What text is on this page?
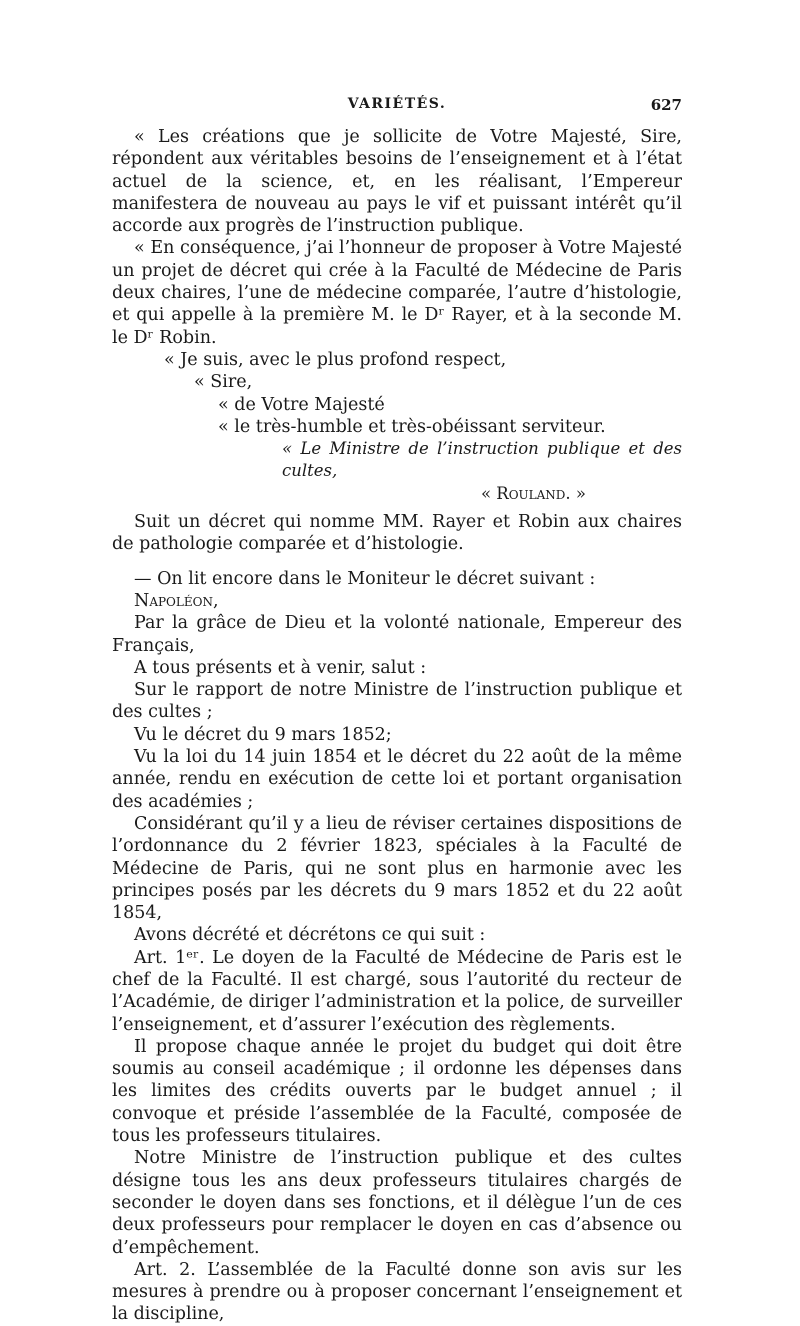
VARIÉTÉS.	627

« Les créations que je sollicite de Votre Majesté, Sire, répondent aux véritables besoins de l’enseignement et à l’état actuel de la science, et, en les réalisant, l’Empereur manifestera de nouveau au pays le vif et puissant intérêt qu’il accorde aux progrès de l’instruction publique.

« En conséquence, j’ai l’honneur de proposer à Votre Majesté un projet de décret qui crée à la Faculté de Médecine de Paris deux chaires, l’une de médecine comparée, l’autre d’histologie, et qui appelle à la première M. le Dʳ Rayer, et à la seconde M. le Dʳ Robin.

« Je suis, avec le plus profond respect,

« Sire,

« de Votre Majesté

« le très-humble et très-obéissant serviteur.

« Le Ministre de l’instruction publique et des cultes,

« Rouland. »

Suit un décret qui nomme MM. Rayer et Robin aux chaires de pathologie comparée et d’histologie.

— On lit encore dans le Moniteur le décret suivant :

Napoléon,

Par la grâce de Dieu et la volonté nationale, Empereur des Français,

A tous présents et à venir, salut :

Sur le rapport de notre Ministre de l’instruction publique et des cultes ;

Vu le décret du 9 mars 1852;

Vu la loi du 14 juin 1854 et le décret du 22 août de la même année, rendu en exécution de cette loi et portant organisation des académies ;

Considérant qu’il y a lieu de réviser certaines dispositions de l’ordonnance du 2 février 1823, spéciales à la Faculté de Médecine de Paris, qui ne sont plus en harmonie avec les principes posés par les décrets du 9 mars 1852 et du 22 août 1854,

Avons décrété et décrétons ce qui suit :

Art. 1ᵉʳ. Le doyen de la Faculté de Médecine de Paris est le chef de la Faculté. Il est chargé, sous l’autorité du recteur de l’Académie, de diriger l’administration et la police, de surveiller l’enseignement, et d’assurer l’exécution des règlements.

Il propose chaque année le projet du budget qui doit être soumis au conseil académique ; il ordonne les dépenses dans les limites des crédits ouverts par le budget annuel ; il convoque et préside l’assemblée de la Faculté, composée de tous les professeurs titulaires.

Notre Ministre de l’instruction publique et des cultes désigne tous les ans deux professeurs titulaires chargés de seconder le doyen dans ses fonctions, et il délègue l’un de ces deux professeurs pour remplacer le doyen en cas d’absence ou d’empêchement.

Art. 2. L’assemblée de la Faculté donne son avis sur les mesures à prendre ou à proposer concernant l’enseignement et la discipline,
